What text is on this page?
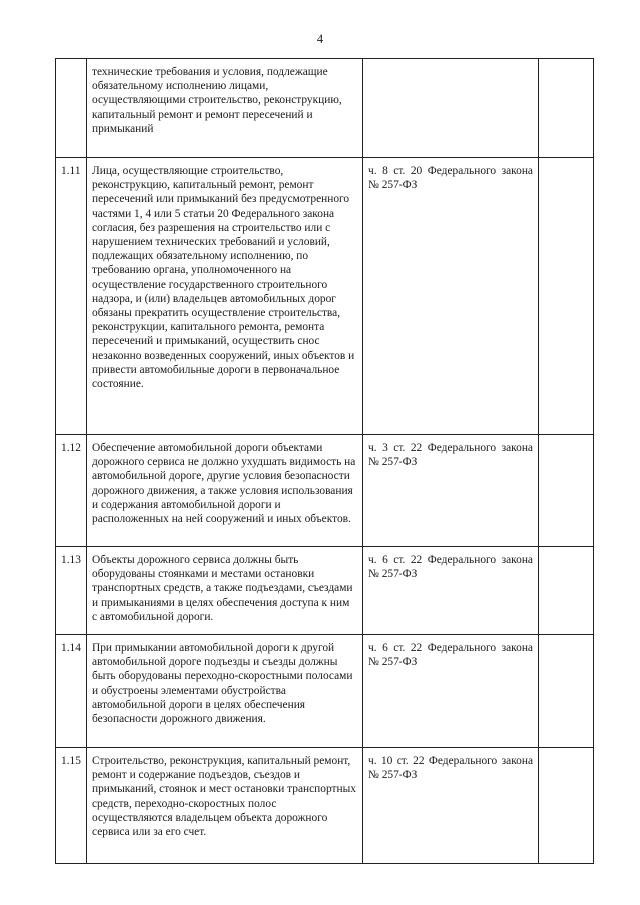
4
	технические требования и условия, подлежащие обязательному исполнению лицами, осуществляющими строительство, реконструкцию, капитальный ремонт и ремонт пересечений и примыканий		
1.11	Лица, осуществляющие строительство, реконструкцию, капитальный ремонт, ремонт пересечений или примыканий без предусмотренного частями 1, 4 или 5 статьи 20 Федерального закона согласия, без разрешения на строительство или с нарушением технических требований и условий, подлежащих обязательному исполнению, по требованию органа, уполномоченного на осуществление государственного строительного надзора, и (или) владельцев автомобильных дорог обязаны прекратить осуществление строительства, реконструкции, капитального ремонта, ремонта пересечений и примыканий, осуществить снос незаконно возведенных сооружений, иных объектов и привести автомобильные дороги в первоначальное состояние.	ч. 8 ст. 20 Федерального закона № 257-ФЗ	
1.12	Обеспечение автомобильной дороги объектами дорожного сервиса не должно ухудшать видимость на автомобильной дороге, другие условия безопасности дорожного движения, а также условия использования и содержания автомобильной дороги и расположенных на ней сооружений и иных объектов.	ч. 3 ст. 22 Федерального закона № 257-ФЗ	
1.13	Объекты дорожного сервиса должны быть оборудованы стоянками и местами остановки транспортных средств, а также подъездами, съездами и примыканиями в целях обеспечения доступа к ним с автомобильной дороги.	ч. 6 ст. 22 Федерального закона № 257-ФЗ	
1.14	При примыкании автомобильной дороги к другой автомобильной дороге подъезды и съезды должны быть оборудованы переходно-скоростными полосами и обустроены элементами обустройства автомобильной дороги в целях обеспечения безопасности дорожного движения.	ч. 6 ст. 22 Федерального закона № 257-ФЗ	
1.15	Строительство, реконструкция, капитальный ремонт, ремонт и содержание подъездов, съездов и примыканий, стоянок и мест остановки транспортных средств, переходно-скоростных полос осуществляются владельцем объекта дорожного сервиса или за его счет.	ч. 10 ст. 22 Федерального закона № 257-ФЗ	
